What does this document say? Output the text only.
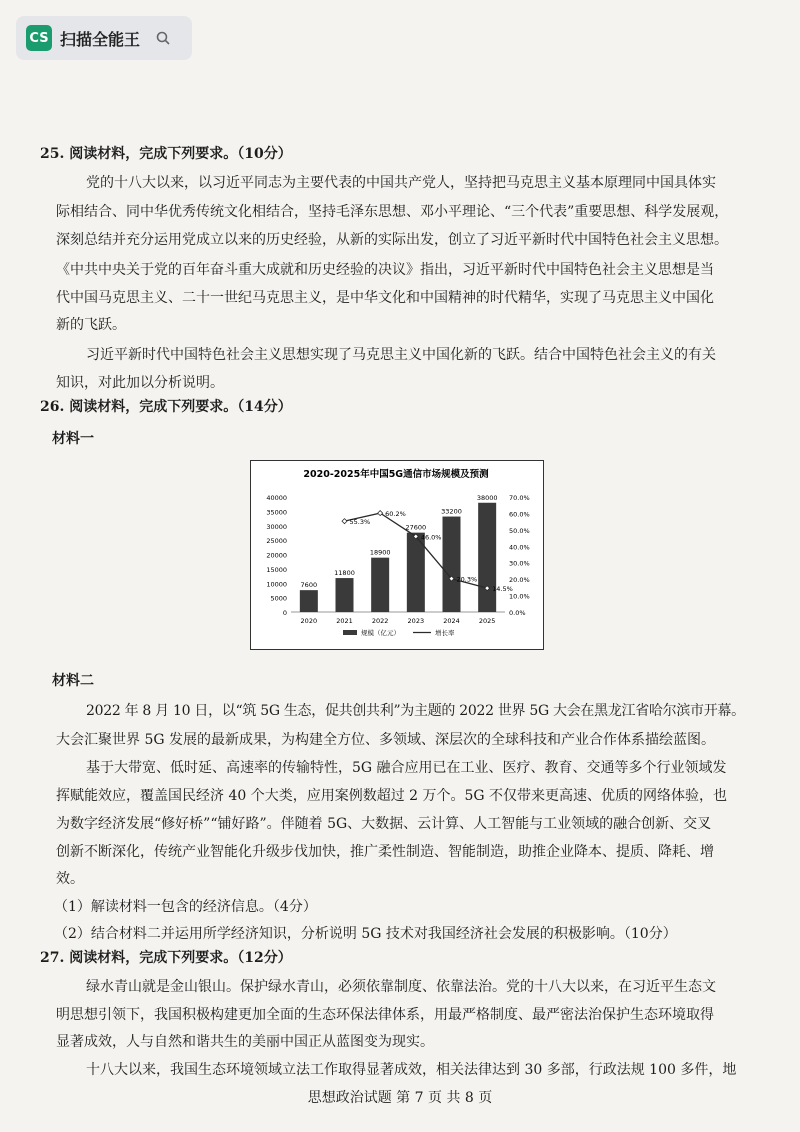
CS 扫描全能王
25. 阅读材料，完成下列要求。（10分）
党的十八大以来，以习近平同志为主要代表的中国共产党人，坚持把马克思主义基本原理同中国具体实
际相结合、同中华优秀传统文化相结合，坚持毛泽东思想、邓小平理论、“三个代表”重要思想、科学发展观，
深刻总结并充分运用党成立以来的历史经验，从新的实际出发，创立了习近平新时代中国特色社会主义思想。
《中共中央关于党的百年奋斗重大成就和历史经验的决议》指出，习近平新时代中国特色社会主义思想是当
代中国马克思主义、二十一世纪马克思主义，是中华文化和中国精神的时代精华，实现了马克思主义中国化
新的飞跃。
习近平新时代中国特色社会主义思想实现了马克思主义中国化新的飞跃。结合中国特色社会主义的有关
知识，对此加以分析说明。
26. 阅读材料，完成下列要求。（14分）
材料一
2020-2025年中国5G通信市场规模及预测
40000
35000
30000
25000
20000
15000
10000
5000
0
70.0%
60.0%
50.0%
40.0%
30.0%
20.0%
10.0%
0.0%
7600
2020
11800
2021
18900
2022
27600
2023
33200
2024
38000
2025
55.3%
60.2%
46.0%
20.3%
14.5%
规模（亿元）	增长率
材料二
2022 年 8 月 10 日，以“筑 5G 生态，促共创共利”为主题的 2022 世界 5G 大会在黑龙江省哈尔滨市开幕。
大会汇聚世界 5G 发展的最新成果，为构建全方位、多领域、深层次的全球科技和产业合作体系描绘蓝图。
基于大带宽、低时延、高速率的传输特性，5G 融合应用已在工业、医疗、教育、交通等多个行业领域发
挥赋能效应，覆盖国民经济 40 个大类，应用案例数超过 2 万个。5G 不仅带来更高速、优质的网络体验，也
为数字经济发展“修好桥”“铺好路”。伴随着 5G、大数据、云计算、人工智能与工业领域的融合创新、交叉
创新不断深化，传统产业智能化升级步伐加快，推广柔性制造、智能制造，助推企业降本、提质、降耗、增
效。
（1）解读材料一包含的经济信息。（4分）
（2）结合材料二并运用所学经济知识，分析说明 5G 技术对我国经济社会发展的积极影响。（10分）
27. 阅读材料，完成下列要求。（12分）
绿水青山就是金山银山。保护绿水青山，必须依靠制度、依靠法治。党的十八大以来，在习近平生态文
明思想引领下，我国积极构建更加全面的生态环保法律体系，用最严格制度、最严密法治保护生态环境取得
显著成效，人与自然和谐共生的美丽中国正从蓝图变为现实。
十八大以来，我国生态环境领域立法工作取得显著成效，相关法律达到 30 多部，行政法规 100 多件，地
思想政治试题 第 7 页 共 8 页
